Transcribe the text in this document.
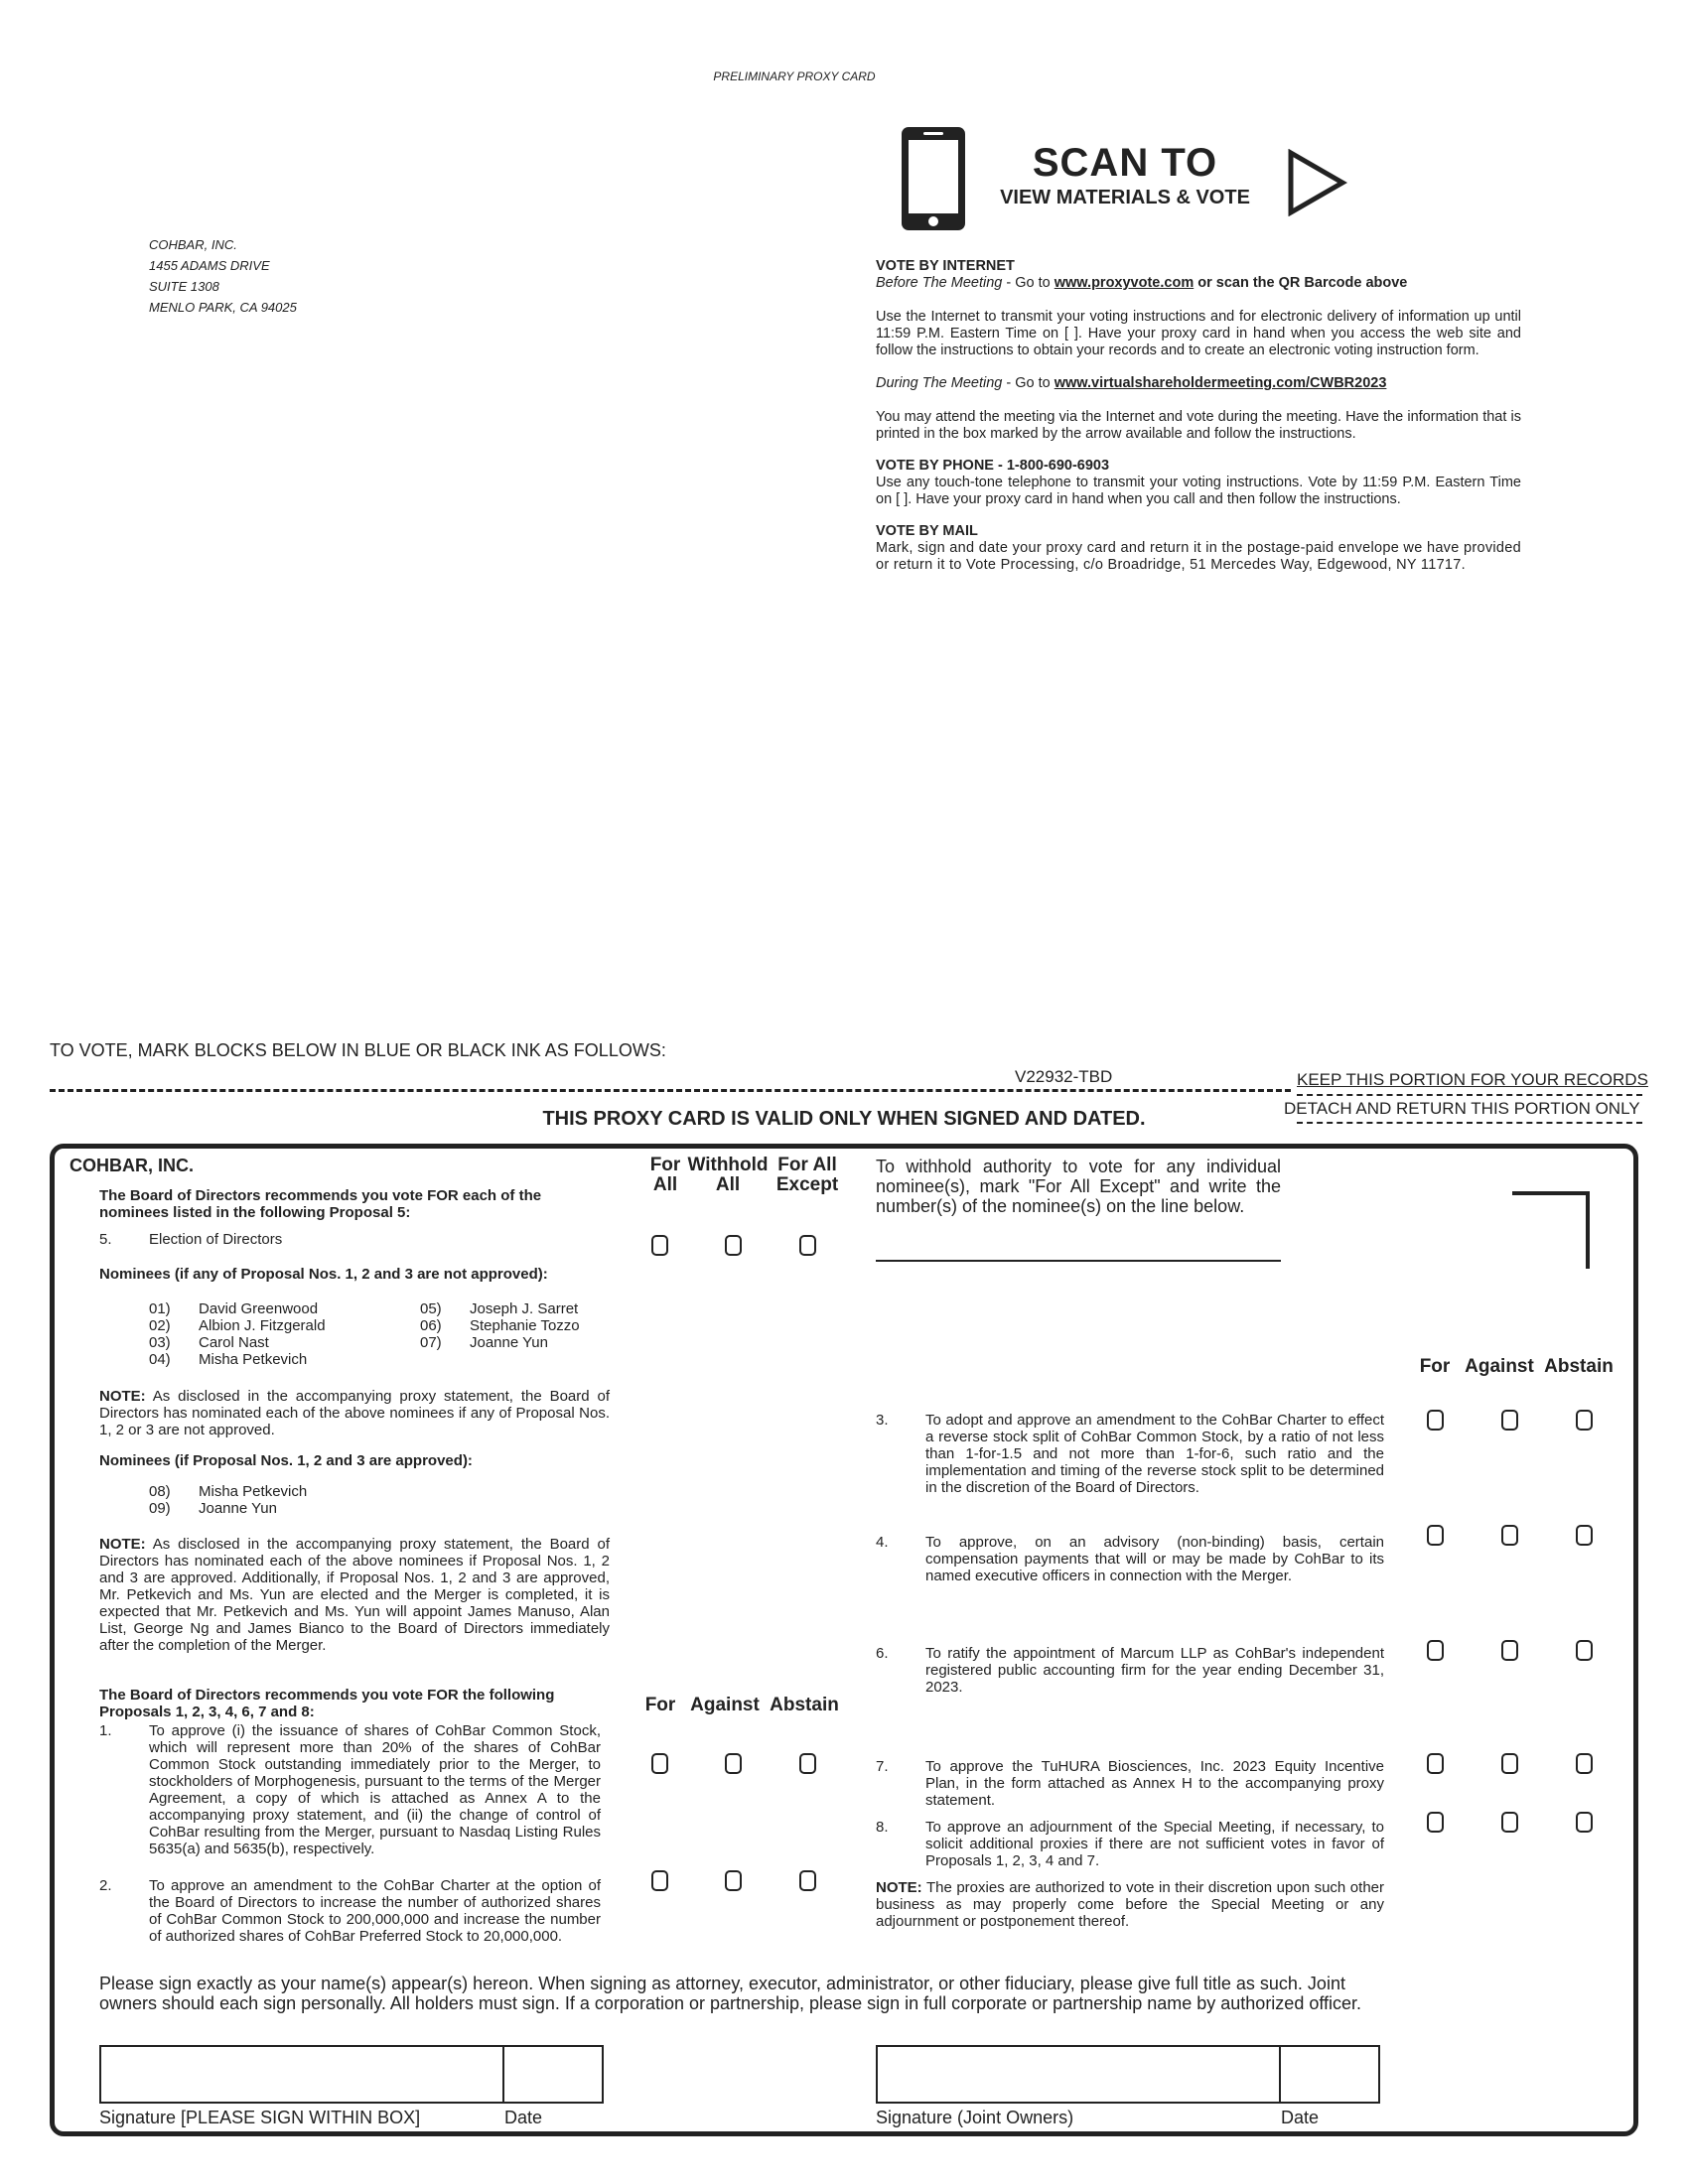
PRELIMINARY PROXY CARD
SCAN TO
VIEW MATERIALS & VOTE
COHBAR, INC.
1455 ADAMS DRIVE
SUITE 1308
MENLO PARK, CA 94025
VOTE BY INTERNET
Before The Meeting - Go to www.proxyvote.com or scan the QR Barcode above
Use the Internet to transmit your voting instructions and for electronic delivery of information up until 11:59 P.M. Eastern Time on [ ]. Have your proxy card in hand when you access the web site and follow the instructions to obtain your records and to create an electronic voting instruction form.
During The Meeting - Go to www.virtualshareholdermeeting.com/CWBR2023
You may attend the meeting via the Internet and vote during the meeting. Have the information that is printed in the box marked by the arrow available and follow the instructions.
VOTE BY PHONE - 1-800-690-6903
Use any touch-tone telephone to transmit your voting instructions. Vote by 11:59 P.M. Eastern Time on [ ]. Have your proxy card in hand when you call and then follow the instructions.
VOTE BY MAIL
Mark, sign and date your proxy card and return it in the postage-paid envelope we have provided or return it to Vote Processing, c/o Broadridge, 51 Mercedes Way, Edgewood, NY 11717.
TO VOTE, MARK BLOCKS BELOW IN BLUE OR BLACK INK AS FOLLOWS:
V22932-TBD	KEEP THIS PORTION FOR YOUR RECORDS
DETACH AND RETURN THIS PORTION ONLY
THIS PROXY CARD IS VALID ONLY WHEN SIGNED AND DATED.
COHBAR, INC.
The Board of Directors recommends you vote FOR each of the nominees listed in the following Proposal 5:
5. Election of Directors
Nominees (if any of Proposal Nos. 1, 2 and 3 are not approved):
01) David Greenwood
02) Albion J. Fitzgerald
03) Carol Nast
04) Misha Petkevich
05) Joseph J. Sarret
06) Stephanie Tozzo
07) Joanne Yun
NOTE: As disclosed in the accompanying proxy statement, the Board of Directors has nominated each of the above nominees if any of Proposal Nos. 1, 2 or 3 are not approved.
Nominees (if Proposal Nos. 1, 2 and 3 are approved):
08) Misha Petkevich
09) Joanne Yun
NOTE: As disclosed in the accompanying proxy statement, the Board of Directors has nominated each of the above nominees if Proposal Nos. 1, 2 and 3 are approved. Additionally, if Proposal Nos. 1, 2 and 3 are approved, Mr. Petkevich and Ms. Yun are elected and the Merger is completed, it is expected that Mr. Petkevich and Ms. Yun will appoint James Manuso, Alan List, George Ng and James Bianco to the Board of Directors immediately after the completion of the Merger.
The Board of Directors recommends you vote FOR the following Proposals 1, 2, 3, 4, 6, 7 and 8:
1. To approve (i) the issuance of shares of CohBar Common Stock, which will represent more than 20% of the shares of CohBar Common Stock outstanding immediately prior to the Merger, to stockholders of Morphogenesis, pursuant to the terms of the Merger Agreement, a copy of which is attached as Annex A to the accompanying proxy statement, and (ii) the change of control of CohBar resulting from the Merger, pursuant to Nasdaq Listing Rules 5635(a) and 5635(b), respectively.
2. To approve an amendment to the CohBar Charter at the option of the Board of Directors to increase the number of authorized shares of CohBar Common Stock to 200,000,000 and increase the number of authorized shares of CohBar Preferred Stock to 20,000,000.
For All
Withhold All
For All Except
To withhold authority to vote for any individual nominee(s), mark "For All Except" and write the number(s) of the nominee(s) on the line below.
For Against Abstain
For Against Abstain
3. To adopt and approve an amendment to the CohBar Charter to effect a reverse stock split of CohBar Common Stock, by a ratio of not less than 1-for-1.5 and not more than 1-for-6, such ratio and the implementation and timing of the reverse stock split to be determined in the discretion of the Board of Directors.
4. To approve, on an advisory (non-binding) basis, certain compensation payments that will or may be made by CohBar to its named executive officers in connection with the Merger.
6. To ratify the appointment of Marcum LLP as CohBar's independent registered public accounting firm for the year ending December 31, 2023.
7. To approve the TuHURA Biosciences, Inc. 2023 Equity Incentive Plan, in the form attached as Annex H to the accompanying proxy statement.
8. To approve an adjournment of the Special Meeting, if necessary, to solicit additional proxies if there are not sufficient votes in favor of Proposals 1, 2, 3, 4 and 7.
NOTE: The proxies are authorized to vote in their discretion upon such other business as may properly come before the Special Meeting or any adjournment or postponement thereof.
Please sign exactly as your name(s) appear(s) hereon. When signing as attorney, executor, administrator, or other fiduciary, please give full title as such. Joint owners should each sign personally. All holders must sign. If a corporation or partnership, please sign in full corporate or partnership name by authorized officer.
Signature [PLEASE SIGN WITHIN BOX]	Date	Signature (Joint Owners)	Date
